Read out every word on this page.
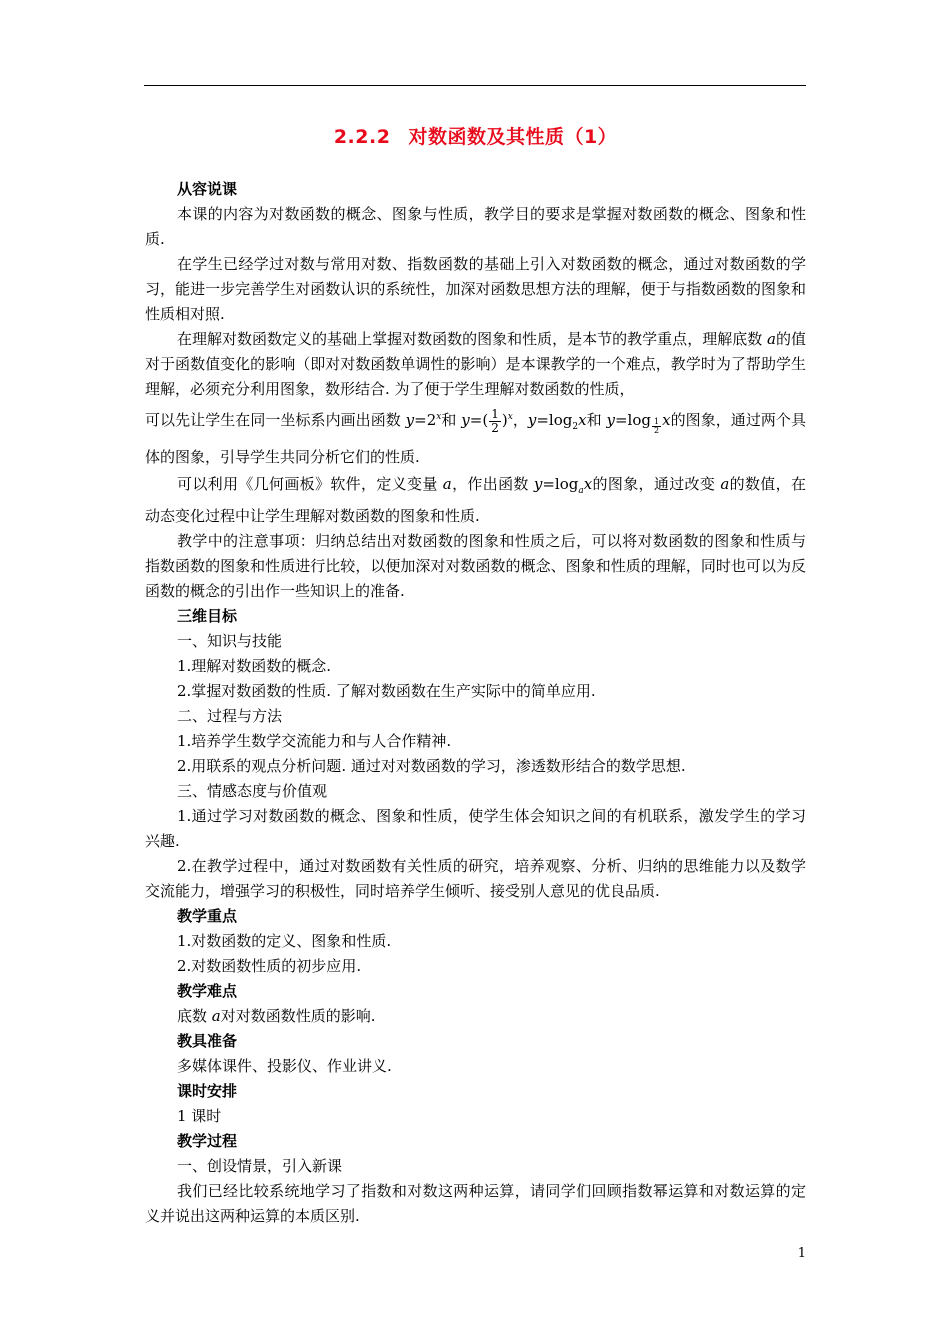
2.2.2 对数函数及其性质（1）

从容说课

本课的内容为对数函数的概念、图象与性质，教学目的要求是掌握对数函数的概念、图象和性质.

在学生已经学过对数与常用对数、指数函数的基础上引入对数函数的概念，通过对数函数的学习，能进一步完善学生对函数认识的系统性，加深对函数思想方法的理解，便于与指数函数的图象和性质相对照.

在理解对数函数定义的基础上掌握对数函数的图象和性质，是本节的教学重点，理解底数 a的值对于函数值变化的影响（即对对数函数单调性的影响）是本课教学的一个难点，教学时为了帮助学生理解，必须充分利用图象，数形结合. 为了便于学生理解对数函数的性质，

可以先让学生在同一坐标系内画出函数 $y=2^x$和 $y=( \frac{1}{2} )^x$，$y=\log_2x$和 y=log $_{\frac{1}{2}}$ x的图象，通过两个具体的图象，引导学生共同分析它们的性质.

可以利用《几何画板》软件，定义变量 a，作出函数 $y=\log_ax$的图象，通过改变 a的数值，在动态变化过程中让学生理解对数函数的图象和性质.

教学中的注意事项：归纳总结出对数函数的图象和性质之后，可以将对数函数的图象和性质与指数函数的图象和性质进行比较，以便加深对对数函数的概念、图象和性质的理解，同时也可以为反函数的概念的引出作一些知识上的准备.

三维目标

一、知识与技能

1.理解对数函数的概念.

2.掌握对数函数的性质. 了解对数函数在生产实际中的简单应用.

二、过程与方法

1.培养学生数学交流能力和与人合作精神.

2.用联系的观点分析问题. 通过对对数函数的学习，渗透数形结合的数学思想.

三、情感态度与价值观

1.通过学习对数函数的概念、图象和性质，使学生体会知识之间的有机联系，激发学生的学习兴趣.

2.在教学过程中，通过对数函数有关性质的研究，培养观察、分析、归纳的思维能力以及数学交流能力，增强学习的积极性，同时培养学生倾听、接受别人意见的优良品质.

教学重点

1.对数函数的定义、图象和性质.

2.对数函数性质的初步应用.

教学难点

底数 a对对数函数性质的影响.

教具准备

多媒体课件、投影仪、作业讲义.

课时安排

1 课时

教学过程

一、创设情景，引入新课

我们已经比较系统地学习了指数和对数这两种运算，请同学们回顾指数幂运算和对数运算的定义并说出这两种运算的本质区别.

1
